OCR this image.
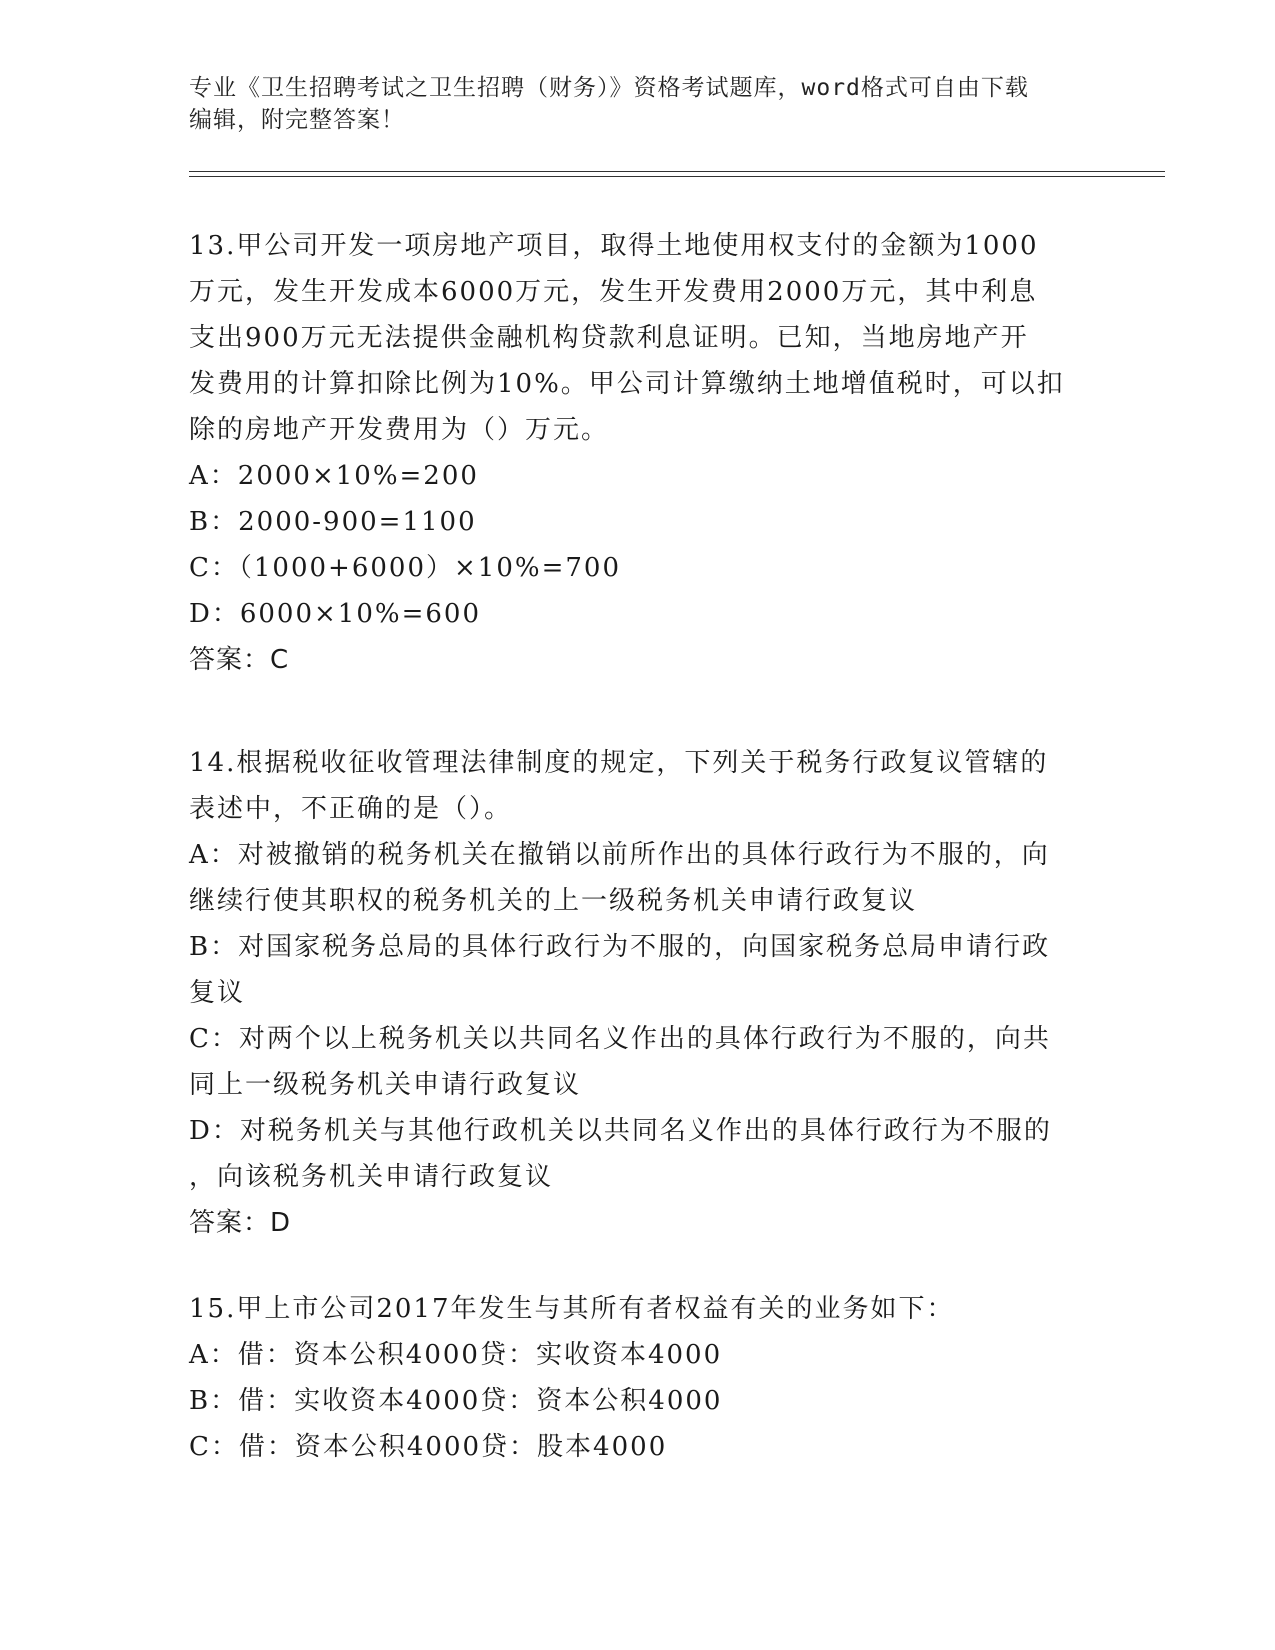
专业《卫生招聘考试之卫生招聘（财务）》资格考试题库，word格式可自由下载
编辑，附完整答案！
13.甲公司开发一项房地产项目，取得土地使用权支付的金额为1000
万元，发生开发成本6000万元，发生开发费用2000万元，其中利息
支出900万元无法提供金融机构贷款利息证明。已知，当地房地产开
发费用的计算扣除比例为10%。甲公司计算缴纳土地增值税时，可以扣
除的房地产开发费用为（）万元。
A：2000×10%=200
B：2000-900=1100
C：（1000+6000）×10%=700
D：6000×10%=600
答案：C
14.根据税收征收管理法律制度的规定，下列关于税务行政复议管辖的
表述中，不正确的是（）。
A：对被撤销的税务机关在撤销以前所作出的具体行政行为不服的，向
继续行使其职权的税务机关的上一级税务机关申请行政复议
B：对国家税务总局的具体行政行为不服的，向国家税务总局申请行政
复议
C：对两个以上税务机关以共同名义作出的具体行政行为不服的，向共
同上一级税务机关申请行政复议
D：对税务机关与其他行政机关以共同名义作出的具体行政行为不服的
，向该税务机关申请行政复议
答案：D
15.甲上市公司2017年发生与其所有者权益有关的业务如下：
A：借：资本公积4000贷：实收资本4000
B：借：实收资本4000贷：资本公积4000
C：借：资本公积4000贷：股本4000
